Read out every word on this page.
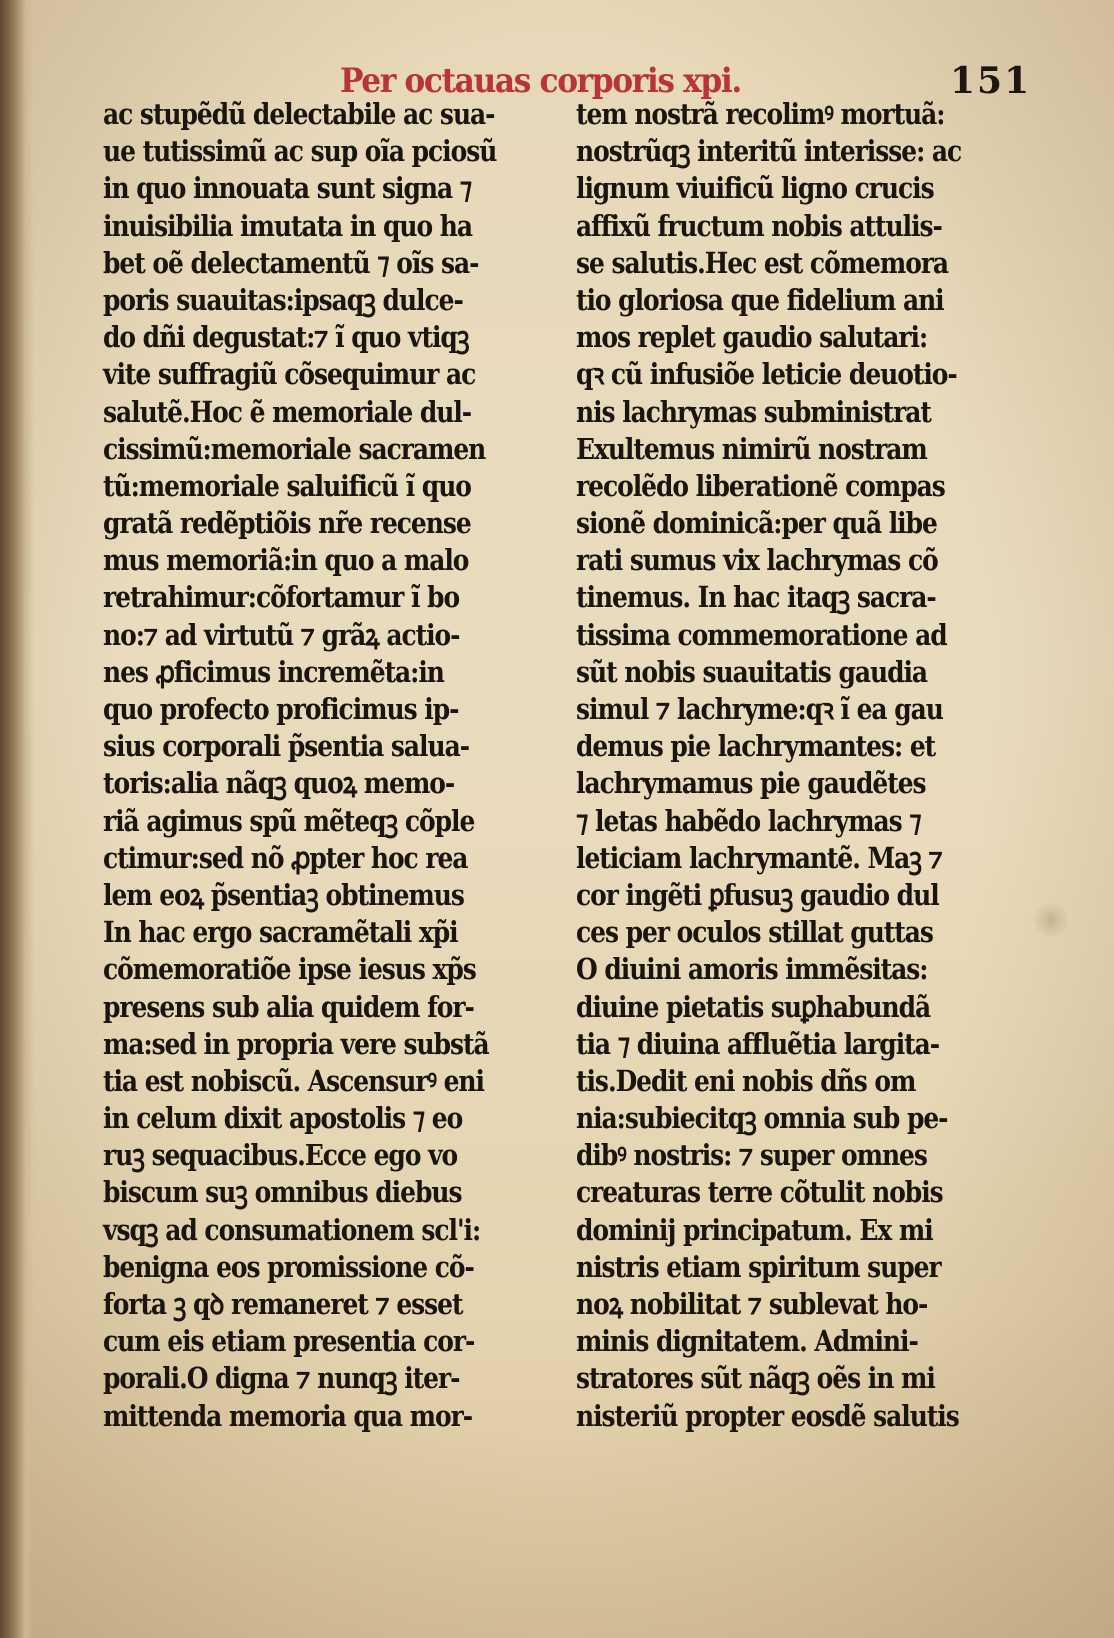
Per octauas corporis xpi.	151
ac stupẽdũ delectabile ac sua‑
ue tutissimũ ac sup oĩa pciosũ
in quo innouata sunt signa ⁊
inuisibilia imutata in quo ha
bet oẽ delectamentũ ⁊ oĩs sa‑
poris suauitas:ipsaqꝫ dulce‑
do dñi degustat:⁊ ĩ quo vtiqꝫ
vite suffragiũ cõsequimur ac
salutẽ.Hoc ẽ memoriale dul‑
cissimũ:memoriale sacramen
tũ:memoriale saluificũ ĩ quo
gratã redẽptiõis nr̃e recense
mus memoriã:in quo a malo
retrahimur:cõfortamur ĩ bo
no:⁊ ad virtutũ ⁊ grãꝝ actio‑
nes ꝓficimus incremẽta:in
quo profecto proficimus ip‑
sius corporali p̃sentia salua‑
toris:alia nãqꝫ quoꝝ memo‑
riã agimus spũ mẽteqꝫ cõple
ctimur:sed nõ ꝓpter hoc rea
lem eoꝝ p̃sentiaꝫ obtinemus
In hac ergo sacramẽtali xp̃i
cõmemoratiõe ipse iesus xp̃s
presens sub alia quidem for‑
ma:sed in propria vere substã
tia est nobiscũ. Ascensurꝰ eni
in celum dixit apostolis ⁊ eo
ruꝫ sequacibus.Ecce ego vo
biscum suꝫ omnibus diebus
vsqꝫ ad consumationem scl'i:
benigna eos promissione cõ‑
forta ꝫ qꝺ remaneret ⁊ esset
cum eis etiam presentia cor‑
porali.O digna ⁊ nunqꝫ iter‑
mittenda memoria qua mor‑
tem nostrã recolimꝰ mortuã:
nostrũqꝫ interitũ interisse: ac
lignum viuificũ ligno crucis
affixũ fructum nobis attulis‑
se salutis.Hec est cõmemora
tio gloriosa que fidelium ani
mos replet gaudio salutari:
qꝛ cũ infusiõe leticie deuotio‑
nis lachrymas subministrat
Exultemus nimirũ nostram
recolẽdo liberationẽ compas
sionẽ dominicã:per quã libe
rati sumus vix lachrymas cõ
tinemus. In hac itaqꝫ sacra‑
tissima commemoratione ad
sũt nobis suauitatis gaudia
simul ⁊ lachryme:qꝛ ĩ ea gau
demus pie lachrymantes: et
lachrymamus pie gaudẽtes
⁊ letas habẽdo lachrymas ⁊
leticiam lachrymantẽ. Maꝫ ⁊
cor ingẽti ꝑfusuꝫ gaudio dul
ces per oculos stillat guttas
O diuini amoris immẽsitas:
diuine pietatis suꝑhabundã
tia ⁊ diuina affluẽtia largita‑
tis.Dedit eni nobis dñs om
nia:subiecitqꝫ omnia sub pe‑
dibꝰ nostris: ⁊ super omnes
creaturas terre cõtulit nobis
dominij principatum. Ex mi
nistris etiam spiritum super
noꝝ nobilitat ⁊ sublevat ho‑
minis dignitatem. Admini‑
stratores sũt nãqꝫ oẽs in mi
nisteriũ propter eosdẽ salutis
